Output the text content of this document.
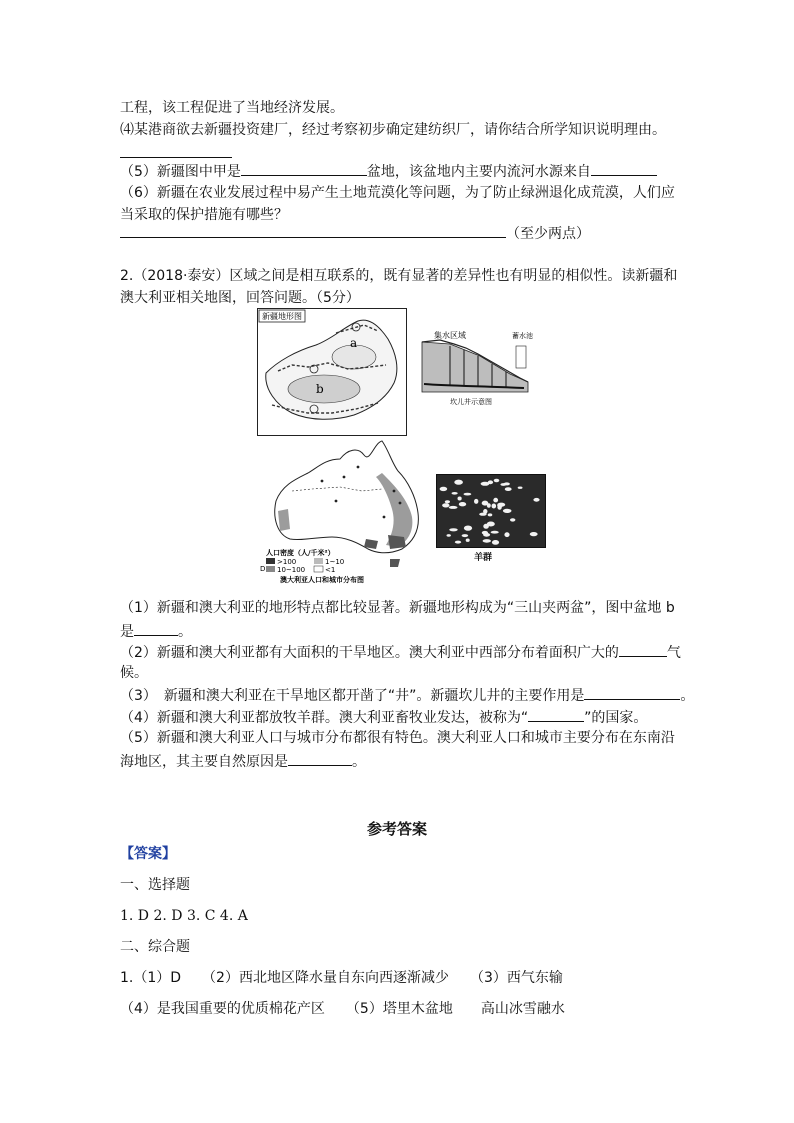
工程，该工程促进了当地经济发展。
⑷某港商欲去新疆投资建厂，经过考察初步确定建纺织厂，请你结合所学知识说明理由。
（5）新疆图中甲是	盆地，该盆地内主要内流河水源来自
（6）新疆在农业发展过程中易产生土地荒漠化等问题，为了防止绿洲退化成荒漠，人们应
当采取的保护措施有哪些？
（至少两点）
2.（2018·泰安）区域之间是相互联系的，既有显著的差异性也有明显的相似性。读新疆和
澳大利亚相关地图，回答问题。（5分）
新疆地形图
a
b
集水区域	蓄水池
坎儿井示意图
人口密度（人/千米²）
>100	1~10
10~100	<1
D
澳大利亚人口和城市分布图
羊群
（1）新疆和澳大利亚的地形特点都比较显著。新疆地形构成为“三山夹两盆”，图中盆地 b
是	。
（2）新疆和澳大利亚都有大面积的干旱地区。澳大利亚中西部分布着面积广大的	气
候。
（3）　新疆和澳大利亚在干旱地区都开凿了“井”。新疆坎儿井的主要作用是	。
（4）新疆和澳大利亚都放牧羊群。澳大利亚畜牧业发达，被称为“	”的国家。
（5）新疆和澳大利亚人口与城市分布都很有特色。澳大利亚人口和城市主要分布在东南沿
海地区，其主要自然原因是	。
参考答案
【答案】
一、选择题
1. D 2. D 3. C 4. A
二、综合题
1.（1）D　　（2）西北地区降水量自东向西逐渐减少　　（3）西气东输
（4）是我国重要的优质棉花产区　　（5）塔里木盆地　　高山冰雪融水
